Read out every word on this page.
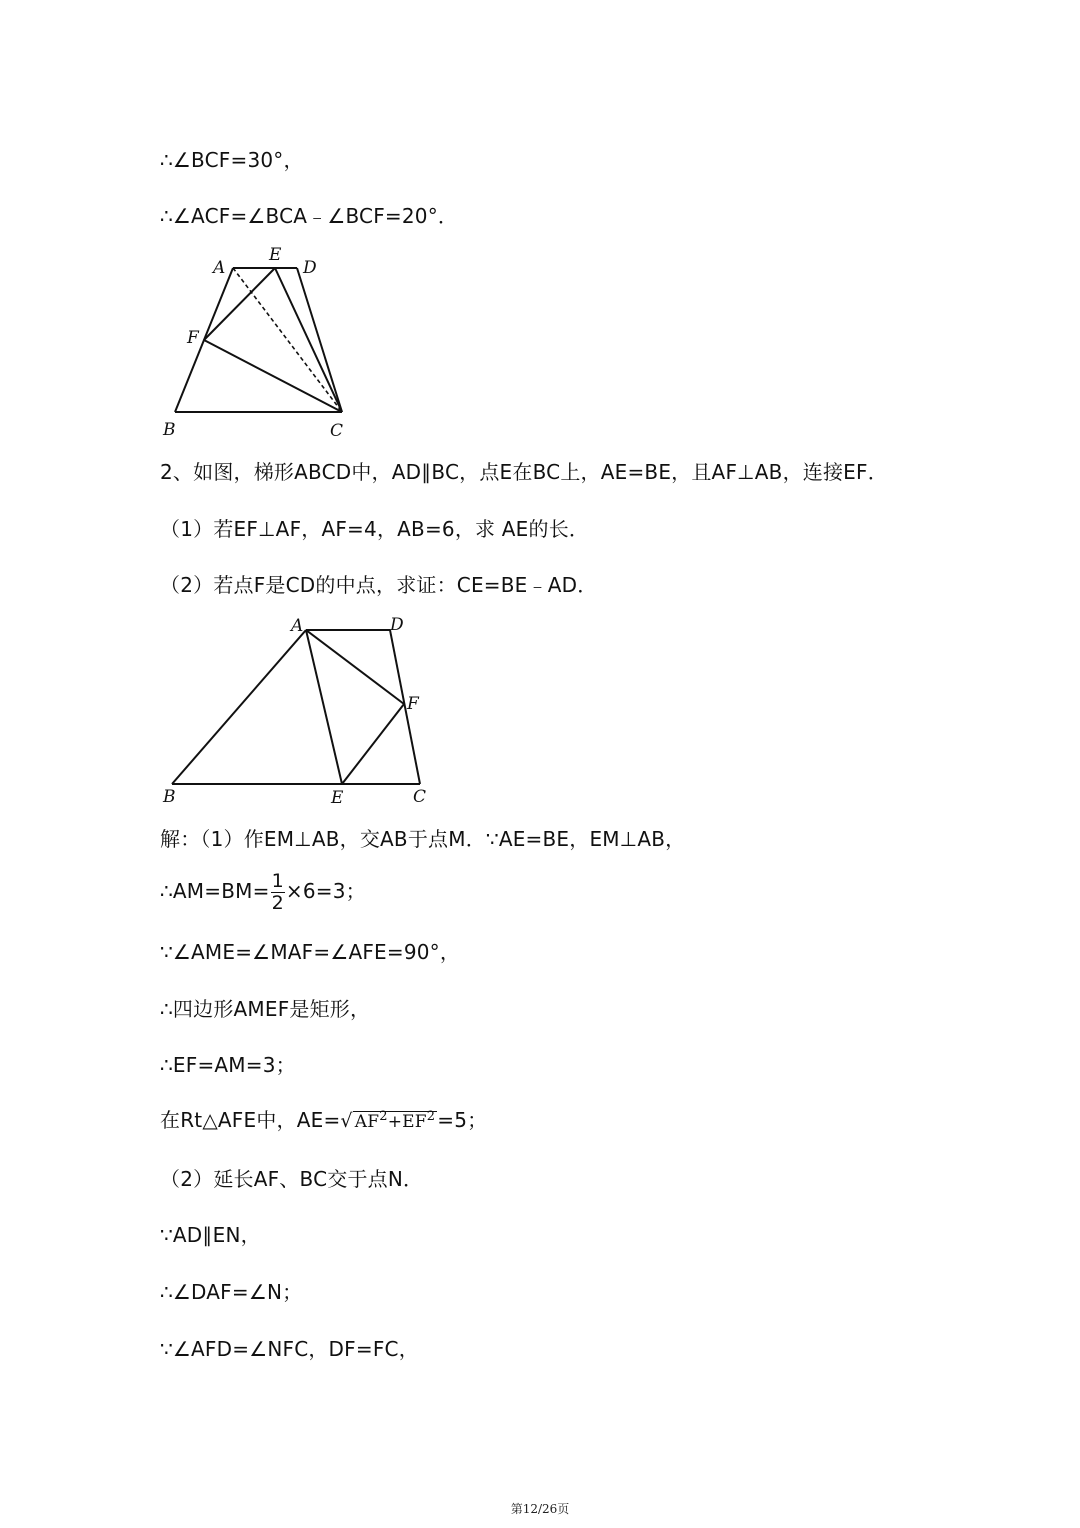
∴∠BCF=30°，
∴∠ACF=∠BCA﹣∠BCF=20°．
A
E
D
F
B	C
2、如图，梯形ABCD中，AD∥BC，点E在BC上，AE=BE，且AF⊥AB，连接EF．
（1）若EF⊥AF，AF=4，AB=6，求 AE的长．
（2）若点F是CD的中点，求证：CE=BE﹣AD．
A	D
F
B	E	C
解：（1）作EM⊥AB，交AB于点M．∵AE=BE，EM⊥AB，
∴AM=BM= $\frac{1}{2} \times 6=3$；
∵∠AME=∠MAF=∠AFE=90°，
∴四边形AMEF是矩形，
∴EF=AM=3；
在Rt△AFE中，AE=√ $AF^2+EF^2 =5$；
（2）延长AF、BC交于点N．
∵AD∥EN，
∴∠DAF=∠N；
∵∠AFD=∠NFC，DF=FC，
第12/26页
